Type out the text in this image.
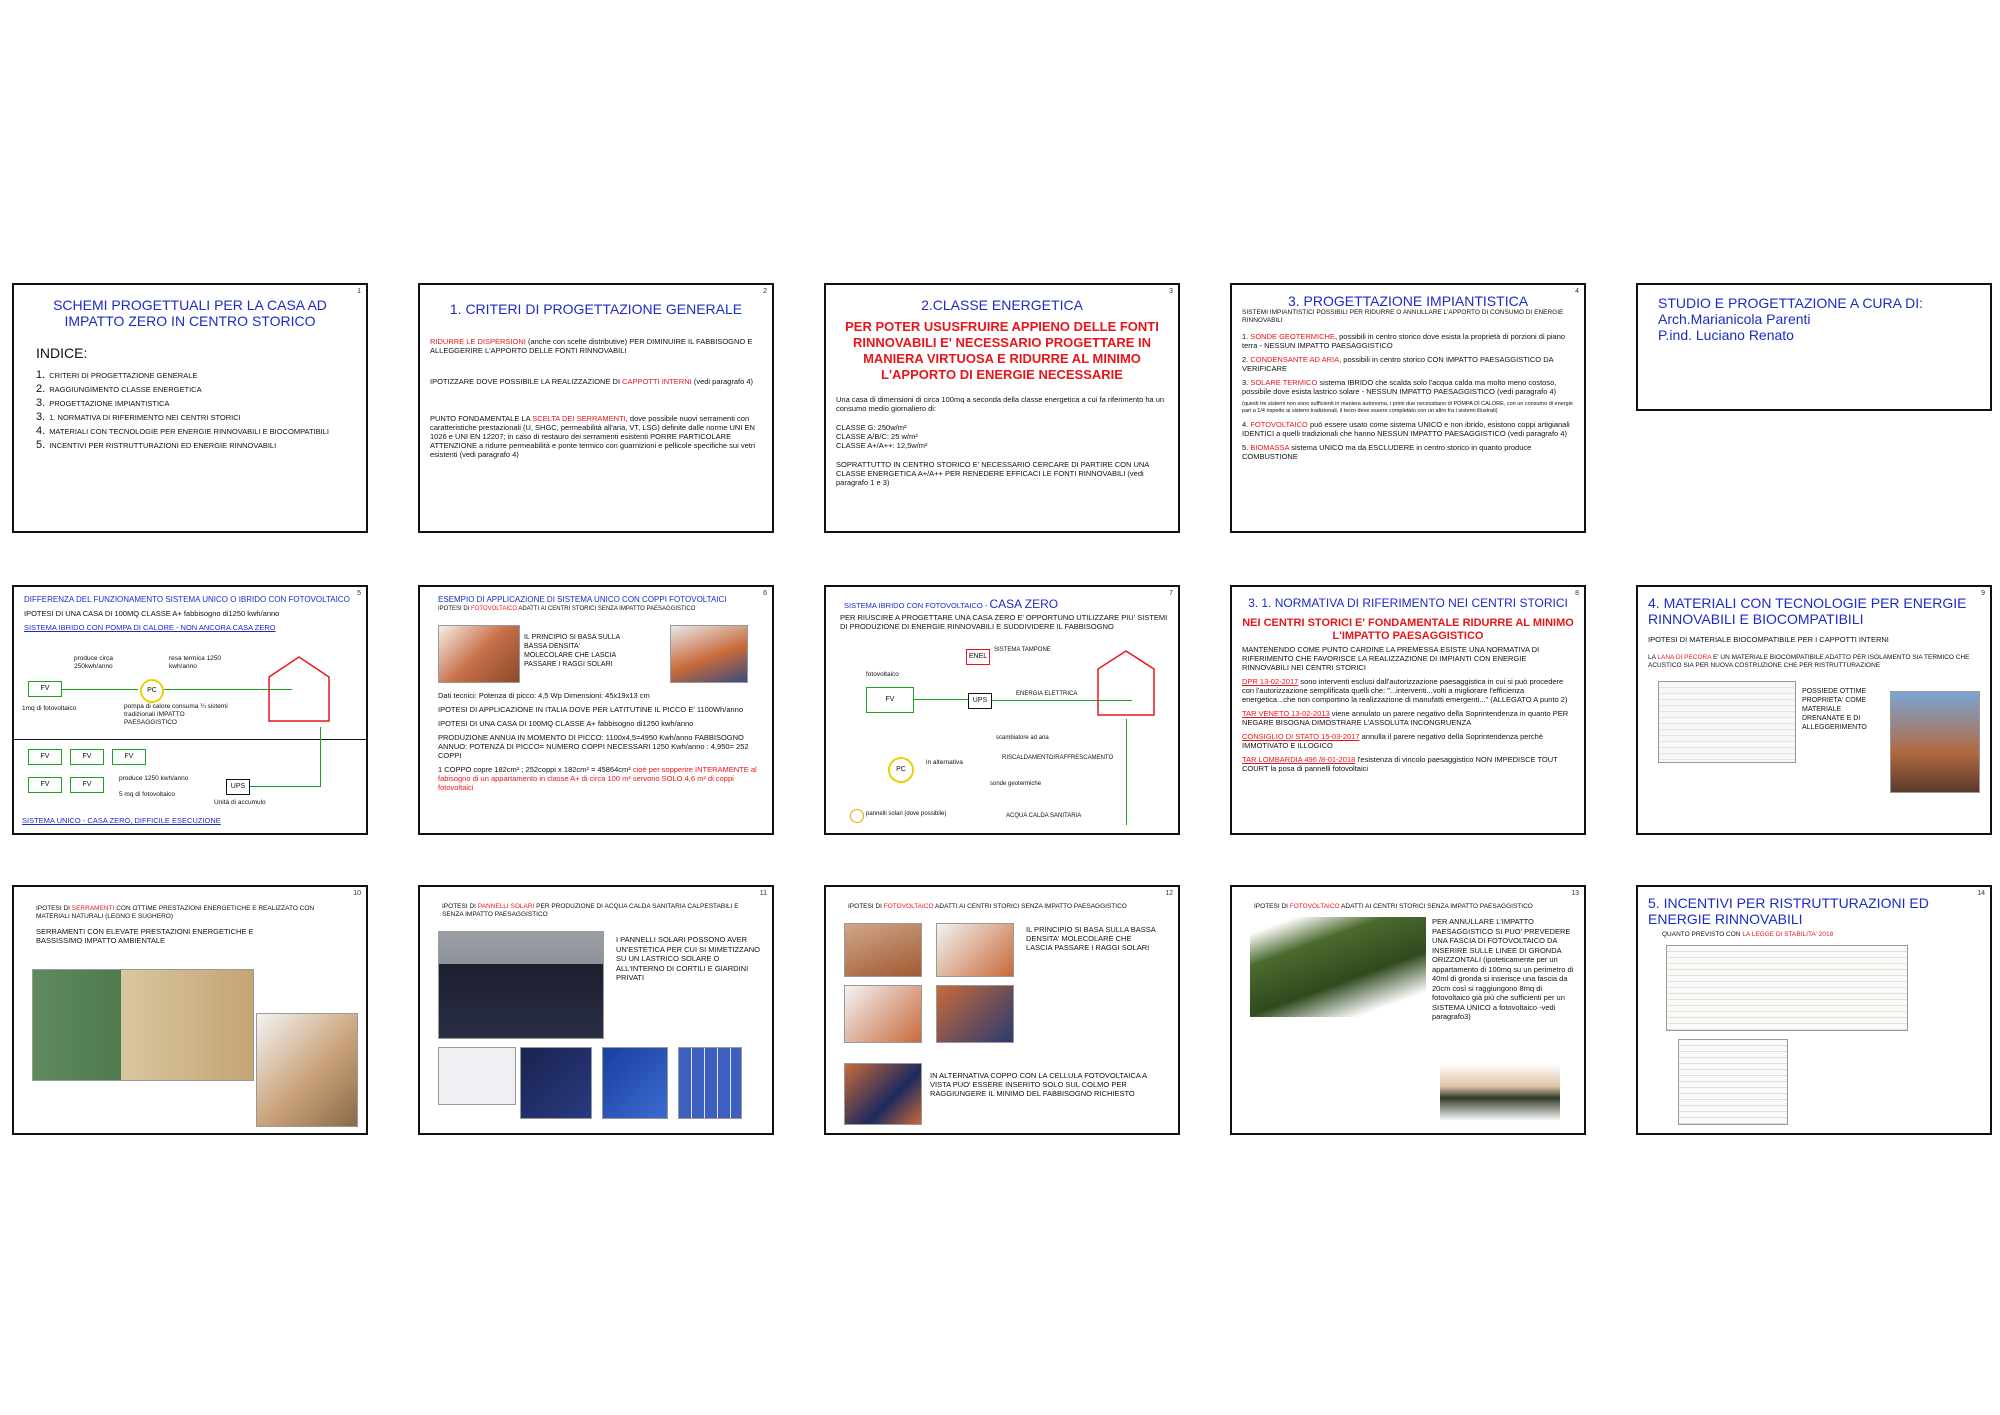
1
SCHEMI PROGETTUALI PER LA CASA AD IMPATTO ZERO IN CENTRO STORICO
INDICE:
1. CRITERI DI PROGETTAZIONE GENERALE
2. RAGGIUNGIMENTO CLASSE ENERGETICA
3. PROGETTAZIONE IMPIANTISTICA
3. 1. NORMATIVA DI RIFERIMENTO NEI CENTRI STORICI
4. MATERIALI CON TECNOLOGIE PER ENERGIE RINNOVABILI E BIOCOMPATIBILI
5. INCENTIVI PER RISTRUTTURAZIONI ED ENERGIE RINNOVABILI
2
1. CRITERI DI PROGETTAZIONE GENERALE

RIDURRE LE DISPERSIONI (anche con scelte distributive) PER DIMINUIRE IL FABBISOGNO E ALLEGGERIRE L'APPORTO DELLE FONTI RINNOVABILI

IPOTIZZARE DOVE POSSIBILE LA REALIZZAZIONE DI CAPPOTTI INTERNI (vedi paragrafo 4)

PUNTO FONDAMENTALE LA SCELTA DEI SERRAMENTI, dove possibile nuovi serramenti con caratteristiche prestazionali (U, SHGC, permeabilità all'aria, VT, LSG) definite dalle norme UNI EN 1026 e UNI EN 12207; in caso di restauro dei serramenti esistenti PORRE PARTICOLARE ATTENZIONE a ridurre permeabilità e ponte termico con guarnizioni e pellicole specifiche sui vetri esistenti (vedi paragrafo 4)

3
2.CLASSE ENERGETICA
PER POTER USUSFRUIRE APPIENO DELLE FONTI RINNOVABILI E' NECESSARIO PROGETTARE IN MANIERA VIRTUOSA E RIDURRE AL MINIMO L'APPORTO DI ENERGIE NECESSARIE

Una casa di dimensioni di circa 100mq a seconda della classe energetica a cui fa riferimento ha un consumo medio giornaliero di:

CLASSE G: 250w/m²

CLASSE A/B/C: 25 w/m²

CLASSE A+/A++: 12,5w/m²

SOPRATTUTTO IN CENTRO STORICO E' NECESSARIO CERCARE DI PARTIRE CON UNA CLASSE ENERGETICA A+/A++ PER RENEDERE EFFICACI LE FONTI RINNOVABILI (vedi paragrafo 1 e 3)

4
3. PROGETTAZIONE IMPIANTISTICA

SISTEMI IMPIANTISTICI POSSIBILI PER RIDURRE O ANNULLARE L'APPORTO DI CONSUMO DI ENERGIE RINNOVABILI

1. SONDE GEOTERMICHE, possibili in centro storico dove esista la proprietà di porzioni di piano terra - NESSUN IMPATTO PAESAGGISTICO

2. CONDENSANTE AD ARIA, possibili in centro storico CON IMPATTO PAESAGGISTICO DA VERIFICARE

3. SOLARE TERMICO sistema IBRIDO che scalda solo l'acqua calda ma molto meno costoso, possibile dove esista lastrico solare - NESSUN IMPATTO PAESAGGISTICO (vedi paragrafo 4)

(questi tre sistemi non sono sufficienti in maniera autonoma, i primi due necessitano di POMPA DI CALORE, con un consumo di energie pari a 1/4 rispetto ai sistemi tradizionali, il terzo deve essere completato con un altro fra i sistemi illustrati)

4. FOTOVOLTAICO può essere usato come sistema UNICO e non ibrido, esistono coppi artigianali IDENTICI a quelli tradizionali che hanno NESSUN IMPATTO PAESAGGISTICO (vedi paragrafo 4)

5. BIOMASSA sistema UNICO ma da ESCLUDERE in centro storico in quanto produce COMBUSTIONE

STUDIO E PROGETTAZIONE A CURA DI:
Arch.Marianicola Parenti
P.ind. Luciano Renato
5
DIFFERENZA DEL FUNZIONAMENTO SISTEMA UNICO O IBRIDO CON FOTOVOLTAICO

IPOTESI DI UNA CASA DI 100MQ CLASSE A+ fabbisogno di1250 kwh/anno

SISTEMA IBRIDO CON POMPA DI CALORE - NON ANCORA CASA ZERO
FV	PC
produce circa 250kwh/anno
resa termica 1250 kwh/anno
1mq di fotovoltaico	pompa di calore consuma ¼ sistemi tradizionali IMPATTO PAESAGGISTICO
FV	FV	FV
FV	FV
produce 1250 kwh/anno
5 mq di fotovoltaico
UPS
Unità di accumulo
SISTEMA UNICO - CASA ZERO, DIFFICILE ESECUZIONE
6
ESEMPIO DI APPLICAZIONE DI SISTEMA UNICO CON COPPI FOTOVOLTAICI
IPOTESI DI FOTOVOLTAICO ADATTI AI CENTRI STORICI SENZA IMPATTO PAESAGGISTICO
IL PRINCIPIO SI BASA SULLA BASSA DENSITA' MOLECOLARE CHE LASCIA PASSARE I RAGGI SOLARI

Dati tecnici: Potenza di picco: 4,5 Wp Dimensioni: 45x19x13 cm

IPOTESI DI APPLICAZIONE IN ITALIA DOVE PER LATITUTINE IL PICCO E' 1100Wh/anno

IPOTESI DI UNA CASA DI 100MQ CLASSE A+ fabbisogno di1250 kwh/anno

PRODUZIONE ANNUA IN MOMENTO DI PICCO: 1100x4,5=4950 Kwh/anno FABBISOGNO ANNUO: POTENZA DI PICCO= NUMERO COPPI NECESSARI 1250 Kwh/anno : 4,950= 252 COPPI

1 COPPO copre 182cm² ; 252coppi x 182cm² = 45864cm² cioè per sopperire INTERAMENTE al fabisogno di un appartamento in classe A+ di circa 100 m² servono SOLO 4,6 m² di coppi fotovoltaici

7
SISTEMA IBRIDO CON FOTOVOLTAICO - CASA ZERO

PER RIUSCIRE A PROGETTARE UNA CASA ZERO E' OPPORTUNO UTILIZZARE PIU' SISTEMI DI PRODUZIONE DI ENERGIE RINNOVABILI E SUDDIVIDERE IL FABBISOGNO

ENEL
SISTEMA TAMPONE
fotovoltaico
FV	UPS
ENERGIA ELETTRICA
PC
scambiatore ad aria
in alternativa
RISCALDAMENTO/RAFFRESCAMENTO
sonde geotermiche
pannelli solari (dove possibile)	ACQUA CALDA SANITARIA
8
3. 1. NORMATIVA DI RIFERIMENTO NEI CENTRI STORICI
NEI CENTRI STORICI E' FONDAMENTALE RIDURRE AL MINIMO L'IMPATTO PAESAGGISTICO

MANTENENDO COME PUNTO CARDINE LA PREMESSA ESISTE UNA NORMATIVA DI RIFERIMENTO CHE FAVORISCE LA REALIZZAZIONE DI IMPIANTI CON ENERGIE RINNOVABILI NEI CENTRI STORICI

DPR 13-02-2017 sono interventi esclusi dall'autorizzazione paesaggistica in cui si può procedere con l'autorizzazione semplificata quelli che: "...interventi...volti a migliorare l'efficienza energetica...che non comportino la realizzazione di manufatti emergenti..." (ALLEGATO A punto 2)

TAR VENETO 13-02-2013 viene annulato un parere negativo della Soprintendenza in quanto PER NEGARE BISOGNA DIMOSTRARE L'ASSOLUTA INCONGRUENZA

CONSIGLIO DI STATO 15-03-2017 annulla il parere negativo della Soprintendenza perchè IMMOTIVATO E ILLOGICO

TAR LOMBARDIA 496 /8-01-2018 l'esistenza di vincolo paesaggistico NON IMPEDISCE TOUT COURT la posa di pannelli fotovoltaici

9
4. MATERIALI CON TECNOLOGIE PER ENERGIE RINNOVABILI E BIOCOMPATIBILI

IPOTESI DI MATERIALE BIOCOMPATIBILE PER I CAPPOTTI INTERNI

LA LANA DI PECORA E' UN MATERIALE BIOCOMPATIBILE ADATTO PER ISOLAMENTO SIA TERMICO CHE ACUSTICO SIA PER NUOVA COSTRUZIONE CHE PER RISTRUTTURAZIONE

POSSIEDE OTTIME PROPRIETA' COME MATERIALE DRENANATE E DI ALLEGGERIMENTO
10
IPOTESI DI SERRAMENTI CON OTTIME PRESTAZIONI ENERGETICHE E REALIZZATO CON MATERIALI NATURALI (LEGNO E SUGHERO)

SERRAMENTI CON ELEVATE PRESTAZIONI ENERGETICHE E BASSISSIMO IMPATTO AMBIENTALE

11
IPOTESI DI PANNELLI SOLARI PER PRODUZIONE DI ACQUA CALDA SANITARIA CALPESTABILI E SENZA IMPATTO PAESAGGISTICO
I PANNELLI SOLARI POSSONO AVER UN'ESTETICA PER CUI SI MIMETIZZANO SU UN LASTRICO SOLARE O ALL'INTERNO DI CORTILI E GIARDINI PRIVATI
12
IPOTESI DI FOTOVOLTAICO ADATTI AI CENTRI STORICI SENZA IMPATTO PAESAGGISTICO
IL PRINCIPIO SI BASA SULLA BASSA DENSITA' MOLECOLARE CHE LASCIA PASSARE I RAGGI SOLARI
IN ALTERNATIVA COPPO CON LA CELLULA FOTOVOLTAICA A VISTA PUO' ESSERE INSERITO SOLO SUL COLMO PER RAGGIUNGERE IL MINIMO DEL FABBISOGNO RICHIESTO
13
IPOTESI DI FOTOVOLTAICO ADATTI AI CENTRI STORICI SENZA IMPATTO PAESAGGISTICO
PER ANNULLARE L'IMPATTO PAESAGGISTICO SI PUO' PREVEDERE UNA FASCIA DI FOTOVOLTAICO DA INSERIRE SULLE LINEE DI GRONDA ORIZZONTALI (ipoteticamente per un appartamento di 100mq su un perimetro di 40ml di gronda si inserisce una fascia da 20cm così si raggiungono 8mq di fotovoltaico già più che sufficienti per un SISTEMA UNICO a fotovoltaico -vedi paragrafo3)
14
5. INCENTIVI PER RISTRUTTURAZIONI ED ENERGIE RINNOVABILI
QUANTO PREVISTO CON LA LEGGE DI STABILITA' 2018
